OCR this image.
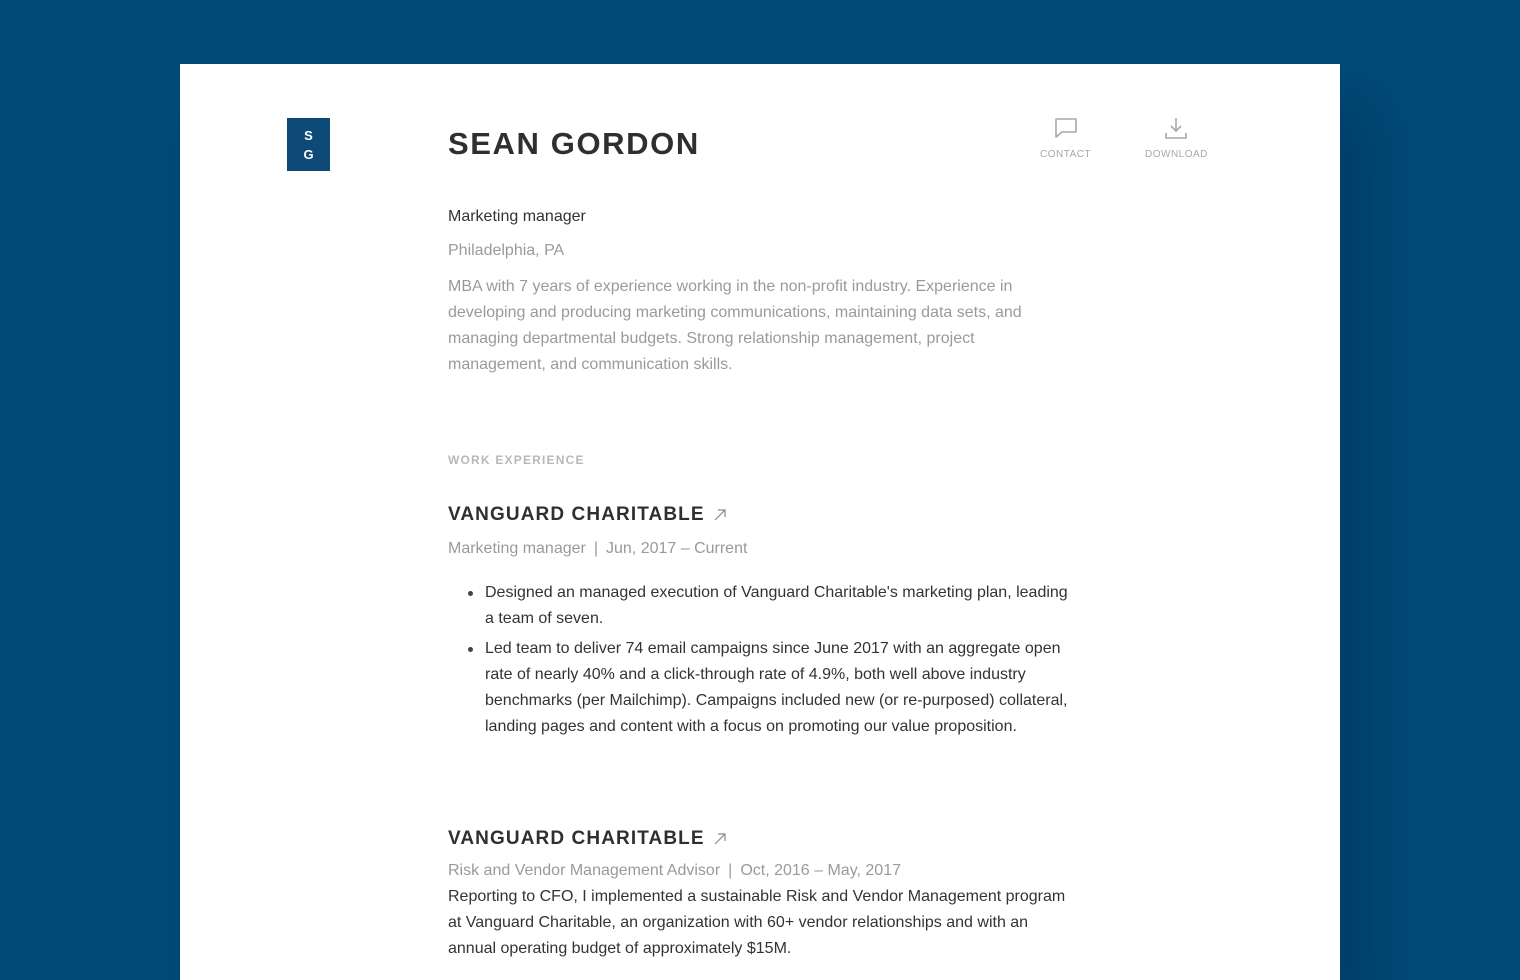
S
G	SEAN GORDON	CONTACT	DOWNLOAD
Marketing manager
Philadelphia, PA

MBA with 7 years of experience working in the non-profit industry. Experience in developing and producing marketing communications, maintaining data sets, and managing departmental budgets. Strong relationship management, project management, and communication skills.

WORK EXPERIENCE
VANGUARD CHARITABLE
Marketing manager | Jun, 2017 – Current
Designed an managed execution of Vanguard Charitable's marketing plan, leading a team of seven.
Led team to deliver 74 email campaigns since June 2017 with an aggregate open rate of nearly 40% and a click-through rate of 4.9%, both well above industry benchmarks (per Mailchimp). Campaigns included new (or re-purposed) collateral, landing pages and content with a focus on promoting our value proposition.
VANGUARD CHARITABLE
Risk and Vendor Management Advisor | Oct, 2016 – May, 2017

Reporting to CFO, I implemented a sustainable Risk and Vendor Management program at Vanguard Charitable, an organization with 60+ vendor relationships and with an annual operating budget of approximately $15M.
